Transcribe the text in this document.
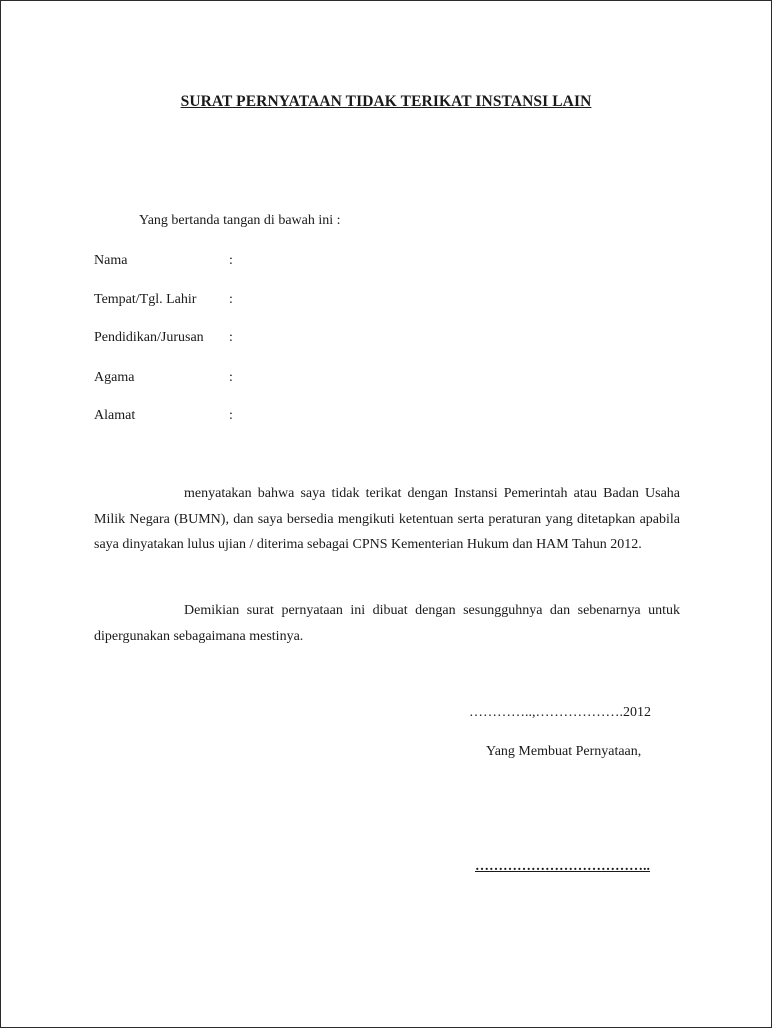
SURAT PERNYATAAN TIDAK TERIKAT INSTANSI LAIN
Yang bertanda tangan di bawah ini :
Nama	:
Tempat/Tgl. Lahir :
Pendidikan/Jurusan :
Agama	:
Alamat	:

menyatakan bahwa saya tidak terikat dengan Instansi Pemerintah atau Badan Usaha Milik Negara (BUMN), dan saya bersedia mengikuti ketentuan serta peraturan yang ditetapkan apabila saya dinyatakan lulus ujian / diterima sebagai CPNS Kementerian Hukum dan HAM Tahun 2012.

Demikian surat pernyataan ini dibuat dengan sesungguhnya dan sebenarnya untuk dipergunakan sebagaimana mestinya.

…………..,……………….2012
Yang Membuat Pernyataan,
………………………………..
